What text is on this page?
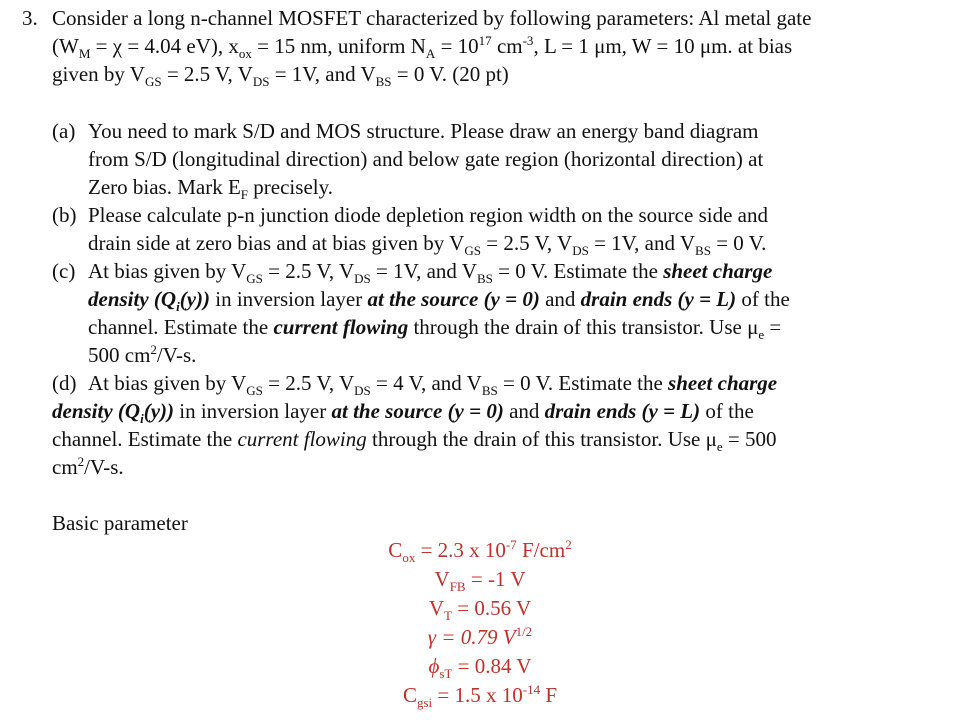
3. Consider a long n-channel MOSFET characterized by following parameters: Al metal gate
($W_M = \chi = 4.04$ eV), $x_{ox} = 15$ nm, uniform $N_A = 10^{17}$ $cm^{-3}$, L = 1 μm, W = 10 μm. at bias
given by $V_{GS} = 2.5$ V, $V_{DS} = 1V$, and $V_{BS} = 0$ V. (20 pt)
(a) You need to mark S/D and MOS structure. Please draw an energy band diagram
from S/D (longitudinal direction) and below gate region (horizontal direction) at
Zero bias. Mark $E_F$ precisely.
(b) Please calculate p-n junction diode depletion region width on the source side and
drain side at zero bias and at bias given by $V_{GS} = 2.5$ V, $V_{DS} = 1V$, and $V_{BS} = 0$ V.
(c) At bias given by $V_{GS} = 2.5$ V, $V_{DS} = 1V$, and $V_{BS} = 0$ V. Estimate the sheet charge
density $(Q_i(y))$ in inversion layer at the source (y = 0) and drain ends (y = L) of the
channel. Estimate the current flowing through the drain of this transistor. Use $\mu_e$ =
500 $cm^2/V-s$.
(d) At bias given by $V_{GS} = 2.5$ V, $V_{DS} = 4$ V, and $V_{BS} = 0$ V. Estimate the sheet charge
density $(Q_i(y))$ in inversion layer at the source (y = 0) and drain ends (y = L) of the
channel. Estimate the current flowing through the drain of this transistor. Use $\mu_e = 500$
$cm^2/V-s$.
Basic parameter
$C_{ox} = 2.3$ x $10^{-7}$ $F/cm^2$
$V_{FB} = -1$ V
$V_T = 0.56$ V
γ = 0.79 $V^{1/2}$
$\phi_{sT} = 0.84$ V
$C_{gsi} = 1.5$ x $10^{-14}$ F
